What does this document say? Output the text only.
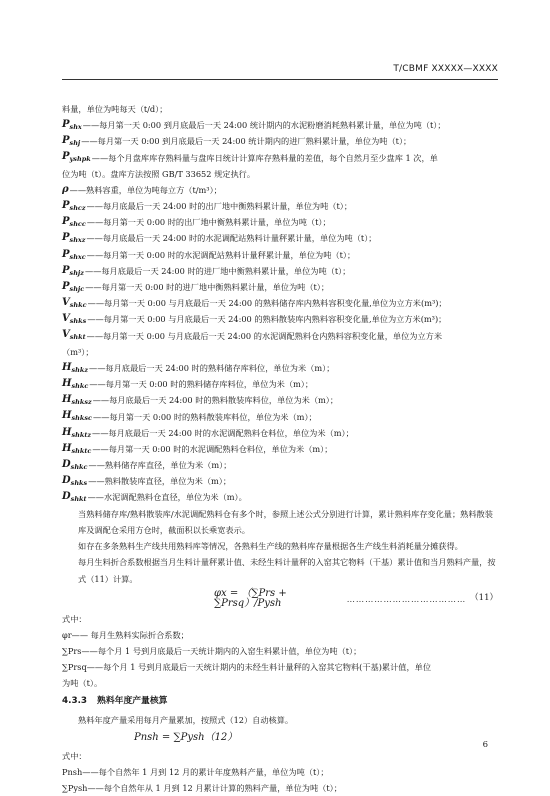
T/CBMF XXXXX—XXXX
料量，单位为吨每天（t/d）；
$P_{shx}$ ——每月第一天 0:00 到月底最后一天 24:00 统计期内的水泥粉磨消耗熟料累计量，单位为吨（t）；
$P_{shj}$ ——每月第一天 0:00 到月底最后一天 24:00 统计期内的进厂熟料累计量，单位为吨（t）；
$P_{yshpk}$ ——每个月盘库库存熟料量与盘库日统计计算库存熟料量的差值，每个自然月至少盘库 1 次，单
位为吨（t）。盘库方法按照 GB/T 33652 规定执行。
ρ ——熟料容重，单位为吨每立方（t/m³）；
$P_{shcz}$ ——每月底最后一天 24:00 时的出厂地中衡熟料累计量，单位为吨（t）；
$P_{shcc}$ ——每月第一天 0:00 时的出厂地中衡熟料累计量，单位为吨（t）；
$P_{shxz}$ ——每月底最后一天 24:00 时的水泥调配站熟料计量秤累计量，单位为吨（t）；
$P_{shxc}$ ——每月第一天 0:00 时的水泥调配站熟料计量秤累计量，单位为吨（t）；
$P_{shjz}$ ——每月底最后一天 24:00 时的进厂地中衡熟料累计量，单位为吨（t）；
$P_{shjc}$ ——每月第一天 0:00 时的进厂地中衡熟料累计量，单位为吨（t）；
$V_{shkc}$ ——每月第一天 0:00 与月底最后一天 24:00 的熟料储存库内熟料容积变化量,单位为立方米(m³)；
$V_{shks}$ ——每月第一天 0:00 与月底最后一天 24:00 的熟料散装库内熟料容积变化量,单位为立方米(m³)；
$V_{shkt}$ ——每月第一天 0:00 与月底最后一天 24:00 的水泥调配熟料仓内熟料容积变化量，单位为立方米
（m³）；
$H_{shkz}$ ——每月底最后一天 24:00 时的熟料储存库料位，单位为米（m）；
$H_{shkc}$ ——每月第一天 0:00 时的熟料储存库料位，单位为米（m）；
$H_{shksz}$ ——每月底最后一天 24:00 时的熟料散装库料位，单位为米（m）；
$H_{shksc}$ ——每月第一天 0:00 时的熟料散装库料位，单位为米（m）；
$H_{shktz}$ ——每月底最后一天 24:00 时的水泥调配熟料仓料位，单位为米（m）；
$H_{shktc}$ ——每月第一天 0:00 时的水泥调配熟料仓料位，单位为米（m）；
$D_{shkc}$ ——熟料储存库直径，单位为米（m）；
$D_{shks}$ ——熟料散装库直径，单位为米（m）；
$D_{shkt}$ ——水泥调配熟料仓直径，单位为米（m）。
当熟料储存库/熟料散装库/水泥调配熟料仓有多个时，参照上述公式分别进行计算，累计熟料库存变化量；熟料散装库及调配仓采用方仓时，截面积以长乘宽表示。
如存在多条熟料生产线共用熟料库等情况，各熟料生产线的熟料库存量根据各生产线生料消耗量分摊获得。
每月生料折合系数根据当月生料计量秤累计值、未经生料计量秤的入窑其它物料（干基）累计值和当月熟料产量，按式（11）计算。
φx = （∑Prs + ∑Prsq）/Pysh	………………………………… （11）
式中：
φr—— 每月生熟料实际折合系数；
∑Prs——每个月 1 号到月底最后一天统计期内的入窑生料累计值，单位为吨（t）；
∑Prsq——每个月 1 号到月底最后一天统计期内的未经生料计量秤的入窑其它物料(干基)累计值，单位
为吨（t）。
4.3.3 熟料年度产量核算
熟料年度产量采用每月产量累加，按照式（12）自动核算。
Pnsh = ∑Pysh（12）
式中：
Pnsh——每个自然年 1 月到 12 月的累计年度熟料产量，单位为吨（t）；
∑Pysh——每个自然年从 1 月到 12 月累计计算的熟料产量，单位为吨（t）；
6
